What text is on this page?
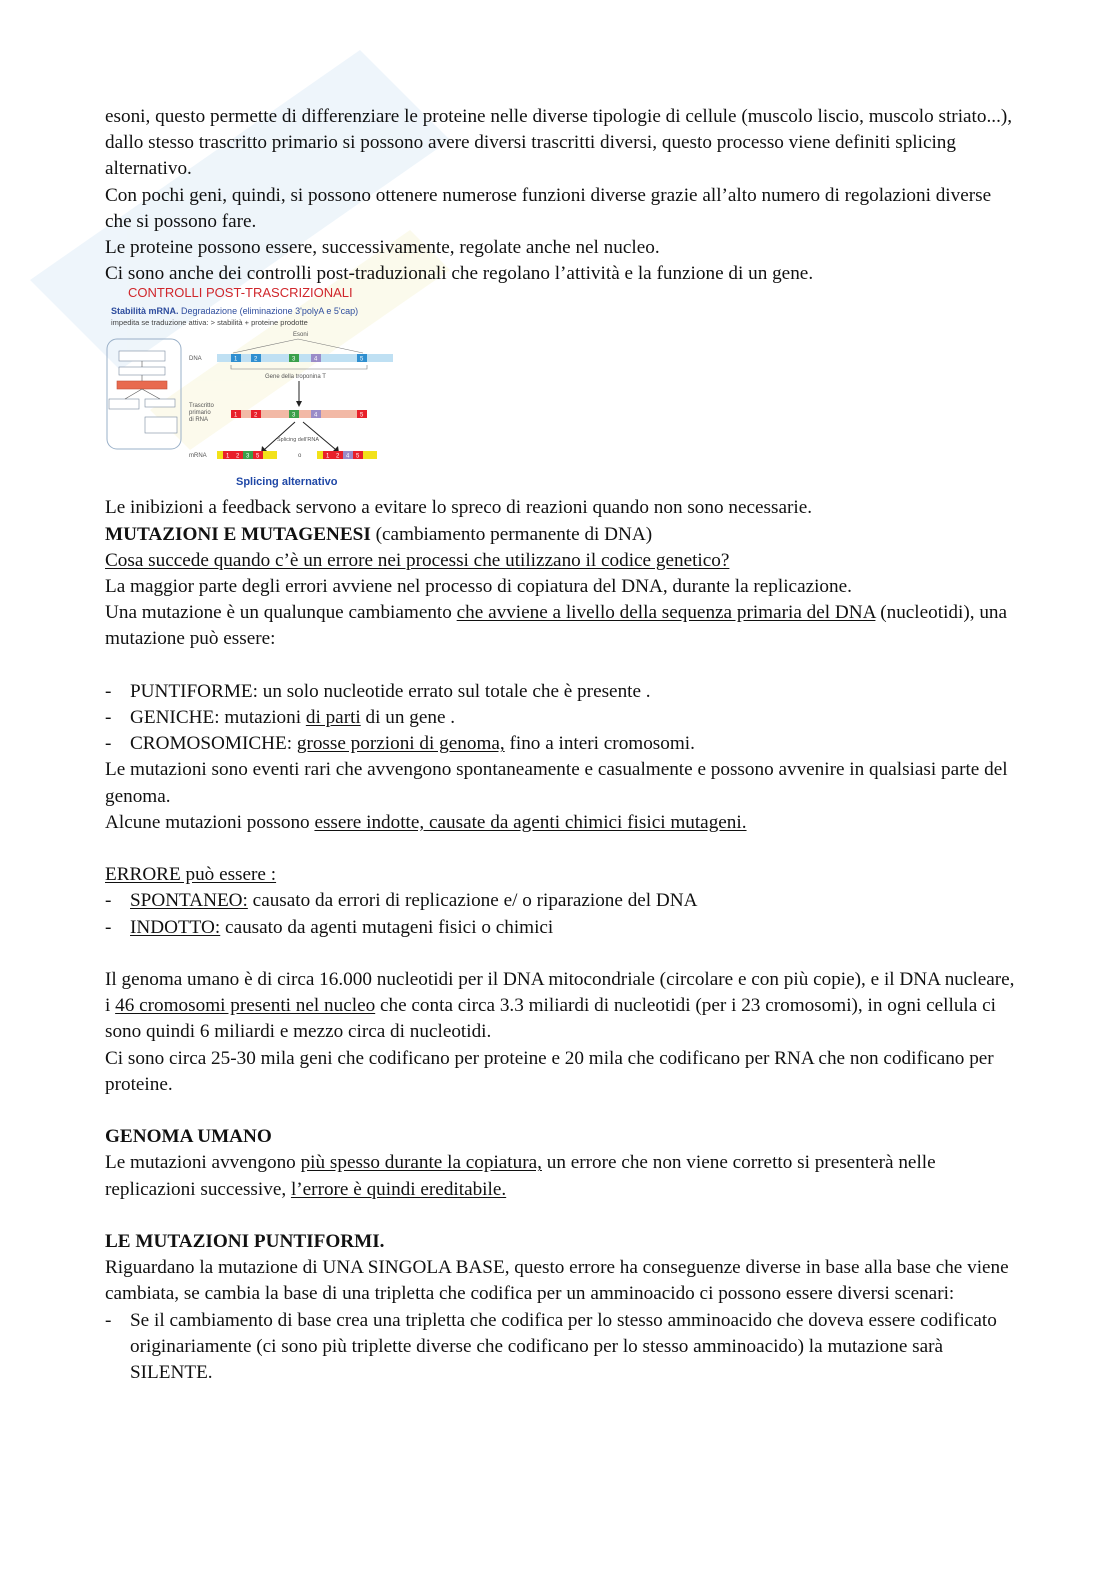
esoni, questo permette di differenziare le proteine nelle diverse tipologie di cellule (muscolo liscio, muscolo striato...), dallo stesso trascritto primario si possono avere diversi trascritti diversi, questo processo viene definiti splicing alternativo.

Con pochi geni, quindi, si possono ottenere numerose funzioni diverse grazie all’alto numero di regolazioni diverse che si possono fare.

Le proteine possono essere, successivamente, regolate anche nel nucleo.

Ci sono anche dei controlli post-traduzionali che regolano l’attività e la funzione di un gene.

CONTROLLI POST-TRASCRIZIONALI
Stabilità mRNA. Degradazione (eliminazione 3'polyA e 5'cap)
impedita se traduzione attiva: > stabilità + proteine prodotte
Esoni
DNA	1	2	3	4	5
Gene della troponina T
Trascritto primario di RNA
1	2	3	4	5
Splicing dell'RNA
mRNA	1 2 3 5	o	1 2 4 5
Splicing alternativo

Le inibizioni a feedback servono a evitare lo spreco di reazioni quando non sono necessarie.

MUTAZIONI E MUTAGENESI (cambiamento permanente di DNA)

Cosa succede quando c’è un errore nei processi che utilizzano il codice genetico?

La maggior parte degli errori avviene nel processo di copiatura del DNA, durante la replicazione.

Una mutazione è un qualunque cambiamento che avviene a livello della sequenza primaria del DNA (nucleotidi), una mutazione può essere:

- PUNTIFORME: un solo nucleotide errato sul totale che è presente .

- GENICHE: mutazioni di parti di un gene .

- CROMOSOMICHE: grosse porzioni di genoma, fino a interi cromosomi.

Le mutazioni sono eventi rari che avvengono spontaneamente e casualmente e possono avvenire in qualsiasi parte del genoma.

Alcune mutazioni possono essere indotte, causate da agenti chimici fisici mutageni.

ERRORE può essere :

- SPONTANEO: causato da errori di replicazione e/ o riparazione del DNA

- INDOTTO: causato da agenti mutageni fisici o chimici

Il genoma umano è di circa 16.000 nucleotidi per il DNA mitocondriale (circolare e con più copie), e il DNA nucleare, i 46 cromosomi presenti nel nucleo che conta circa 3.3 miliardi di nucleotidi (per i 23 cromosomi), in ogni cellula ci sono quindi 6 miliardi e mezzo circa di nucleotidi.

Ci sono circa 25-30 mila geni che codificano per proteine e 20 mila che codificano per RNA che non codificano per proteine.

GENOMA UMANO

Le mutazioni avvengono più spesso durante la copiatura, un errore che non viene corretto si presenterà nelle replicazioni successive, l’errore è quindi ereditabile.

LE MUTAZIONI PUNTIFORMI.

Riguardano la mutazione di UNA SINGOLA BASE, questo errore ha conseguenze diverse in base alla base che viene cambiata, se cambia la base di una tripletta che codifica per un amminoacido ci possono essere diversi scenari:

- Se il cambiamento di base crea una tripletta che codifica per lo stesso amminoacido che doveva essere codificato originariamente (ci sono più triplette diverse che codificano per lo stesso amminoacido) la mutazione sarà SILENTE.
